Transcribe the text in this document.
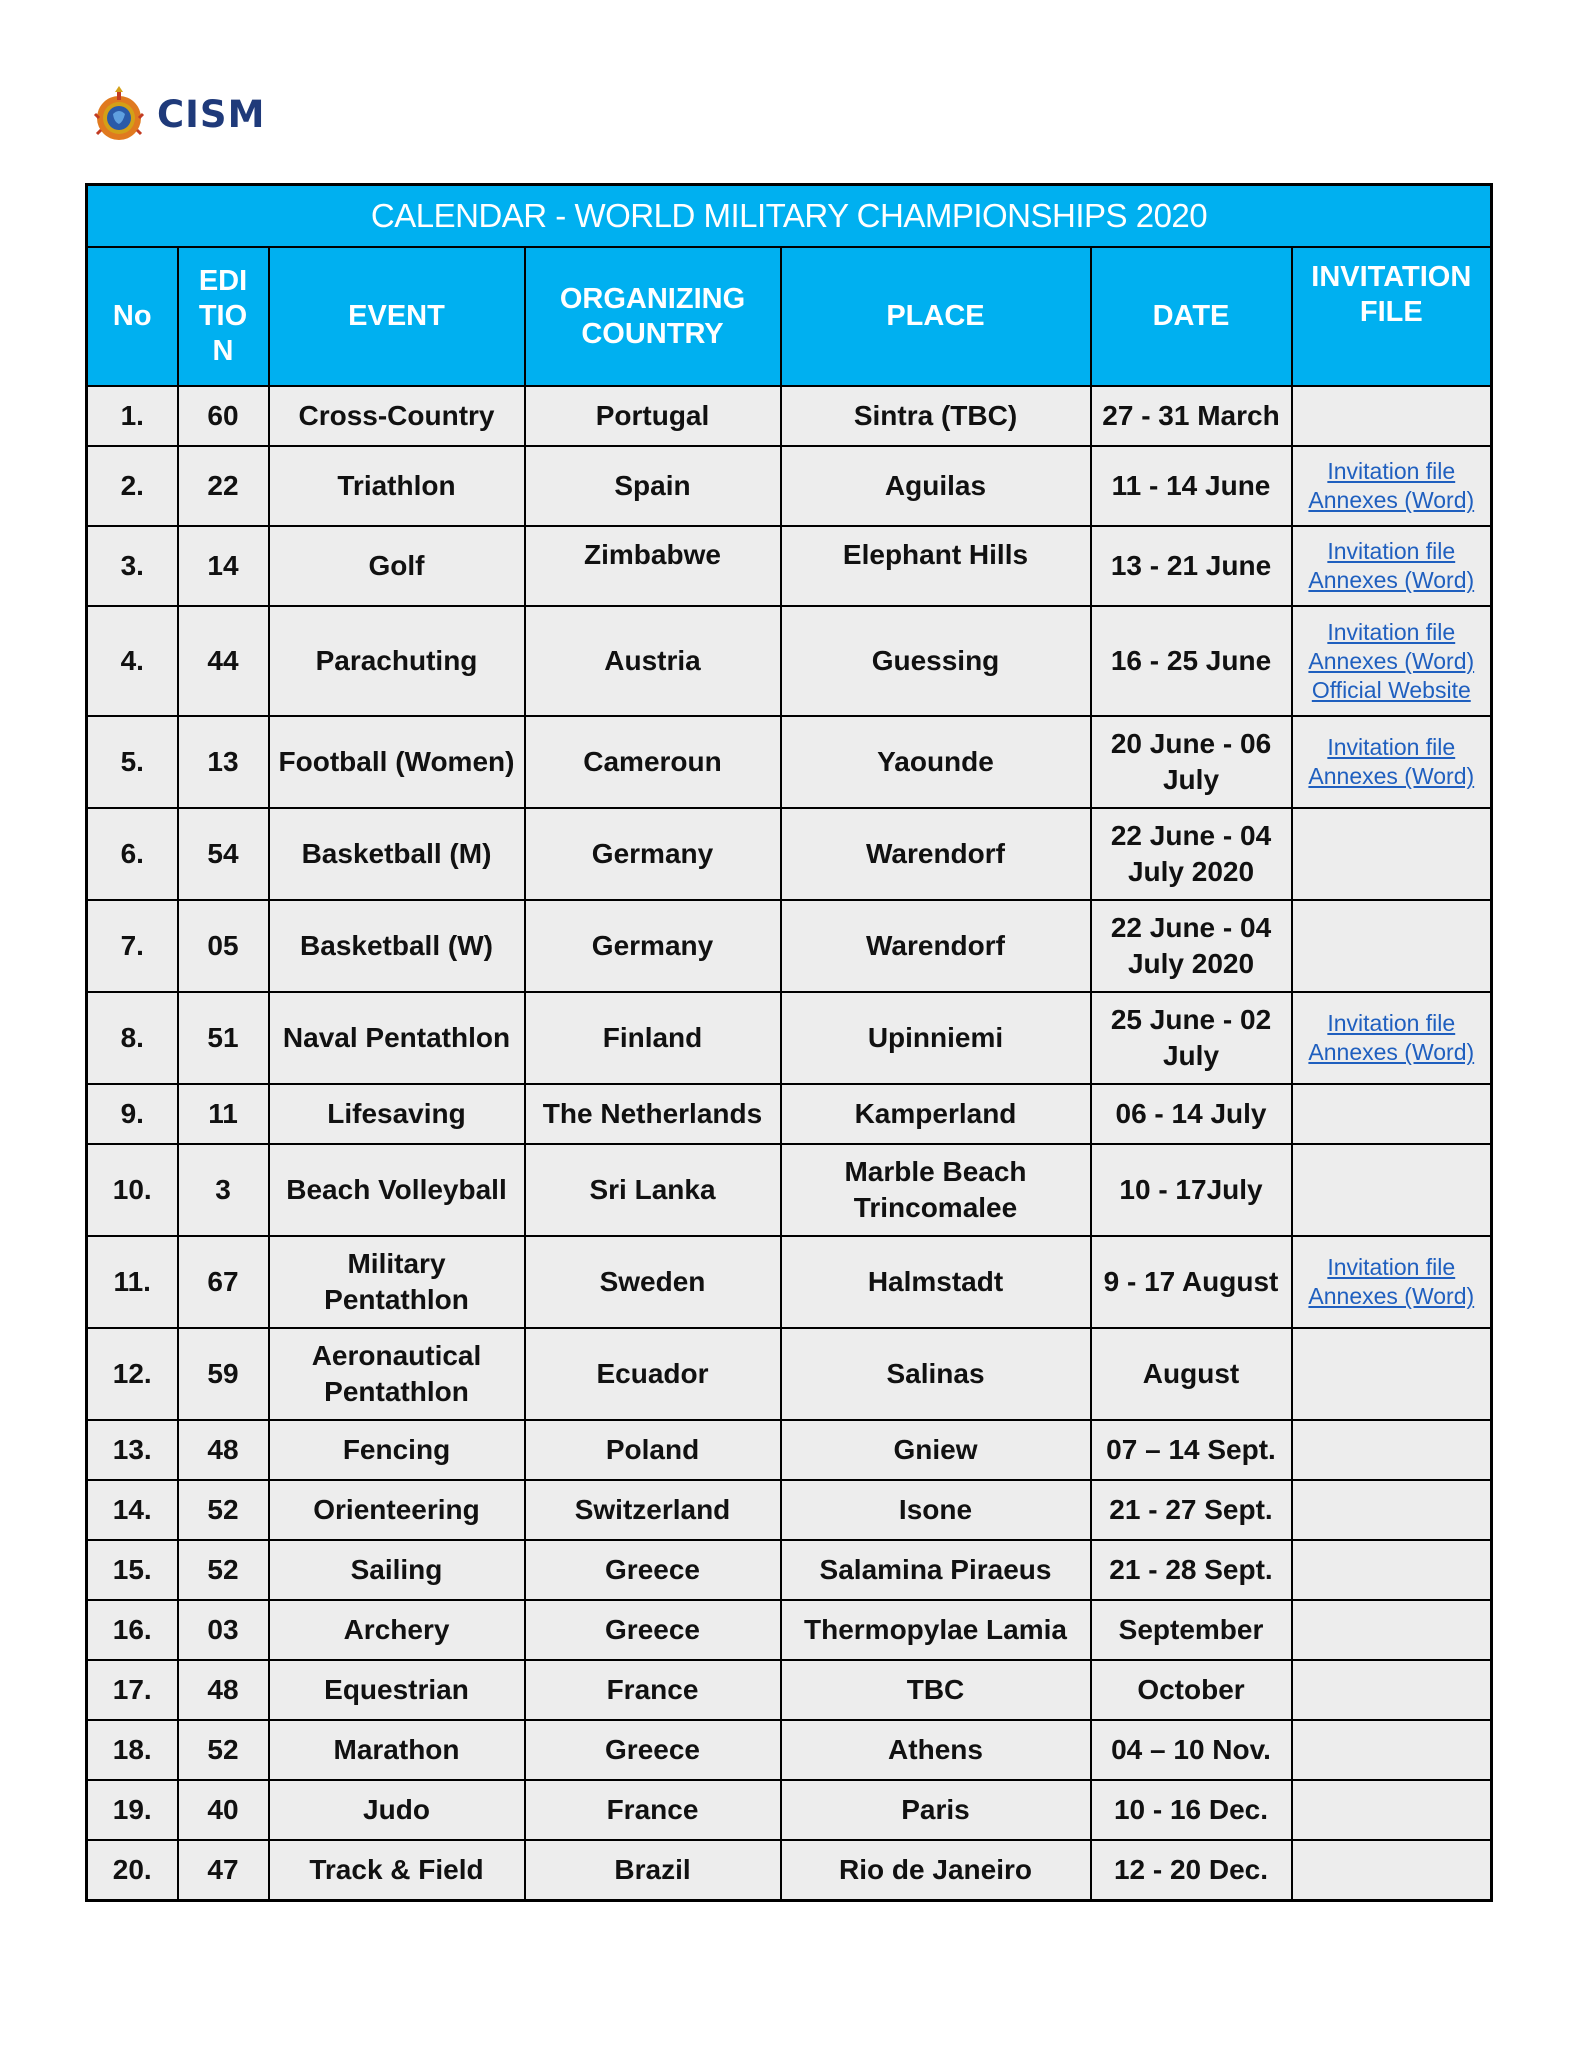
CISM
CALENDAR - WORLD MILITARY CHAMPIONSHIPS 2020						
No	EDI
TIO
N	EVENT	ORGANIZING
COUNTRY	PLACE	DATE	INVITATION
FILE
1.	60	Cross-Country	Portugal	Sintra (TBC)	27 - 31 March	
2.	22	Triathlon	Spain	Aguilas	11 - 14 June	Invitation file
Annexes (Word)

3.	14	Golf	Zimbabwe	Elephant Hills	13 - 21 June	Invitation file
Annexes (Word)

4.	44	Parachuting	Austria	Guessing	16 - 25 June	Invitation file
Annexes (Word)
Official Website

5.	13	Football (Women)	Cameroun	Yaounde	20 June - 06
July	Invitation file
Annexes (Word)

6.	54	Basketball (M)	Germany	Warendorf	22 June - 04
July 2020	
7.	05	Basketball (W)	Germany	Warendorf	22 June - 04
July 2020	
8.	51	Naval Pentathlon	Finland	Upinniemi	25 June - 02
July	Invitation file
Annexes (Word)

9.	11	Lifesaving	The Netherlands	Kamperland	06 - 14 July	
10.	3	Beach Volleyball	Sri Lanka	Marble Beach
Trincomalee	10 - 17July	
11.	67	Military
Pentathlon	Sweden	Halmstadt	9 - 17 August	Invitation file
Annexes (Word)

12.	59	Aeronautical
Pentathlon	Ecuador	Salinas	August	
13.	48	Fencing	Poland	Gniew	07 – 14 Sept.	
14.	52	Orienteering	Switzerland	Isone	21 - 27 Sept.	
15.	52	Sailing	Greece	Salamina Piraeus	21 - 28 Sept.	
16.	03	Archery	Greece	Thermopylae Lamia	September	
17.	48	Equestrian	France	TBC	October	
18.	52	Marathon	Greece	Athens	04 – 10 Nov.	
19.	40	Judo	France	Paris	10 - 16 Dec.	
20.	47	Track & Field	Brazil	Rio de Janeiro	12 - 20 Dec.	
